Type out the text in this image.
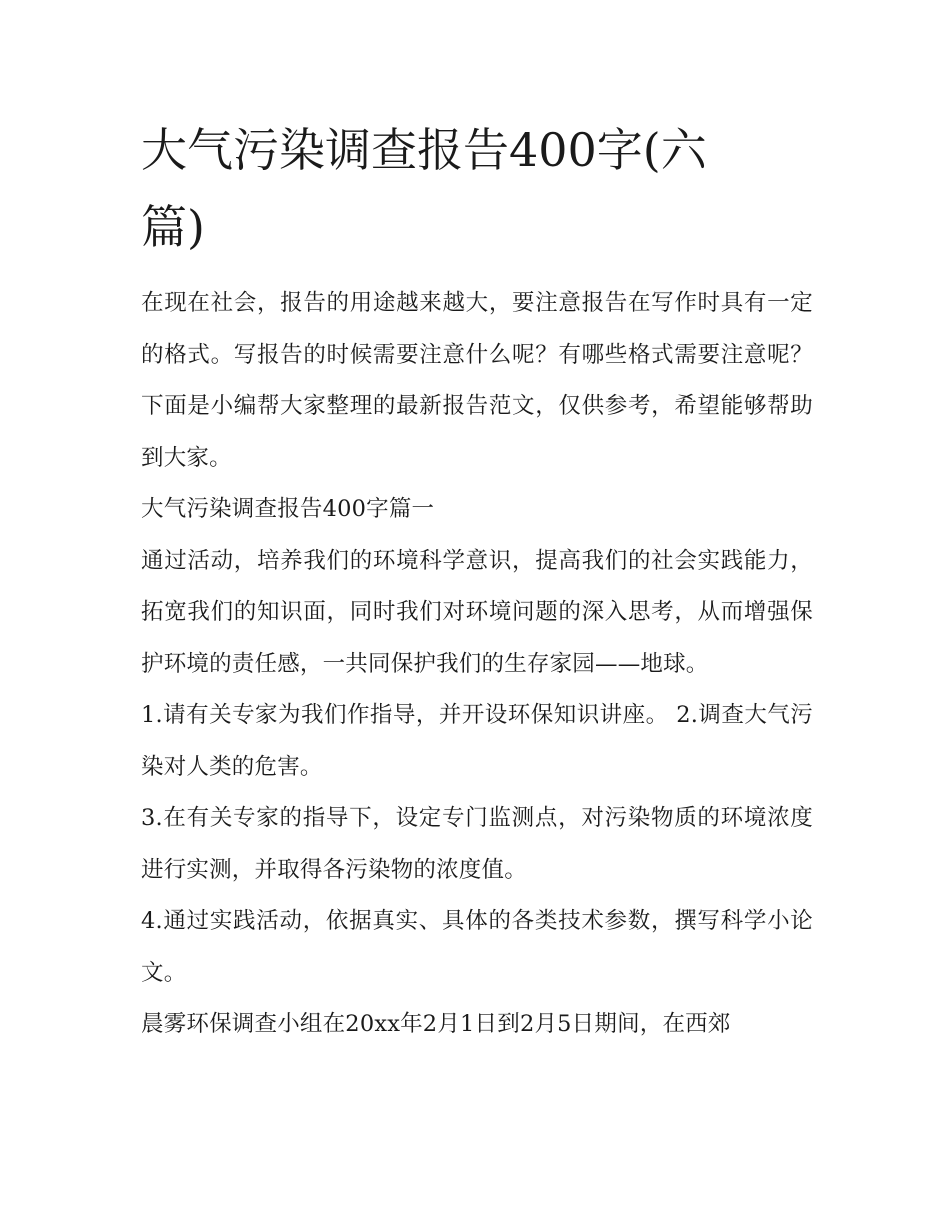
大气污染调查报告400字(六篇)

在现在社会，报告的用途越来越大，要注意报告在写作时具有一定的格式。写报告的时候需要注意什么呢？有哪些格式需要注意呢？下面是小编帮大家整理的最新报告范文，仅供参考，希望能够帮助到大家。

大气污染调查报告400字篇一

通过活动，培养我们的环境科学意识，提高我们的社会实践能力，拓宽我们的知识面，同时我们对环境问题的深入思考，从而增强保护环境的责任感，一共同保护我们的生存家园——地球。

1.请有关专家为我们作指导，并开设环保知识讲座。 2.调查大气污染对人类的危害。

3.在有关专家的指导下，设定专门监测点，对污染物质的环境浓度进行实测，并取得各污染物的浓度值。

4.通过实践活动，依据真实、具体的各类技术参数，撰写科学小论文。

晨雾环保调查小组在20xx年2月1日到2月5日期间，在西郊
